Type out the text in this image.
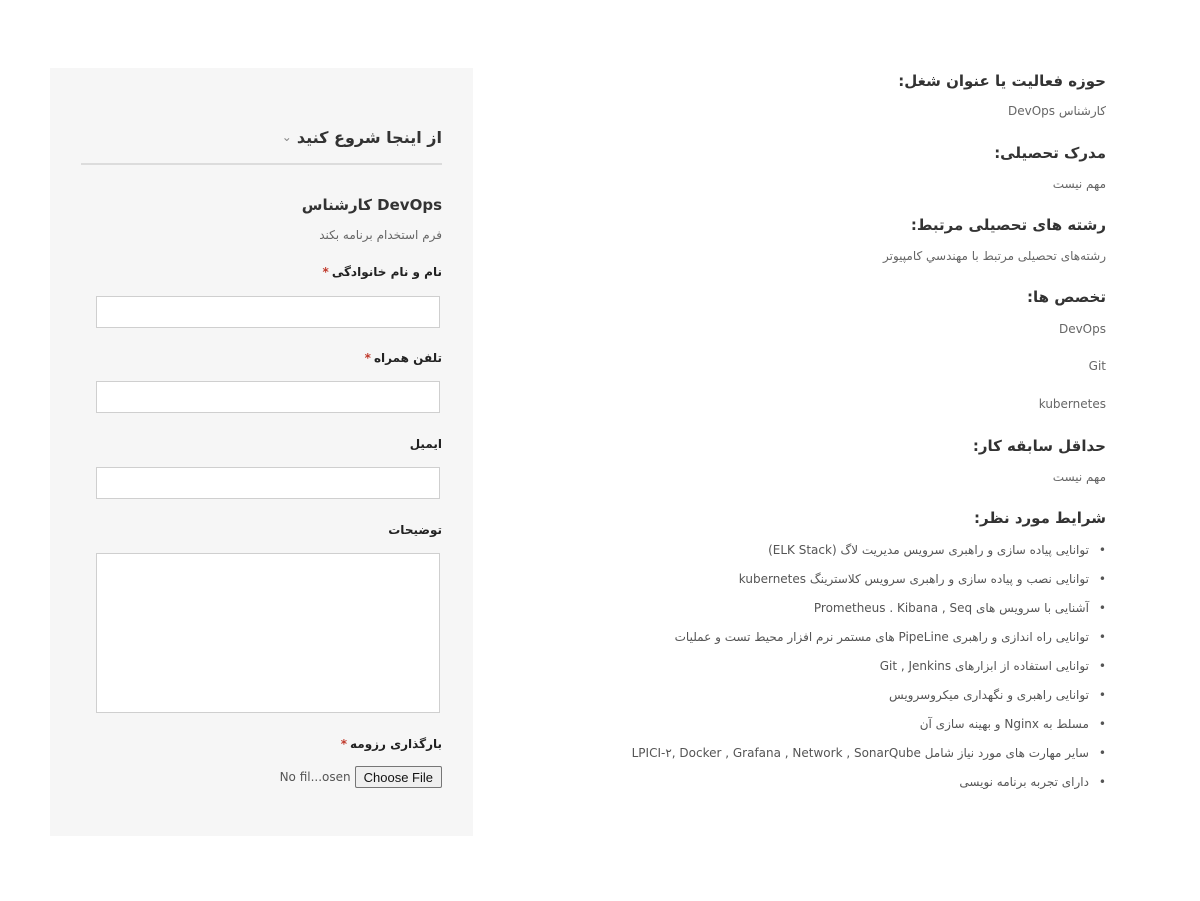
از اینجا شروع کنید ⌄
کارشناس DevOps
فرم استخدام برنامه بکند
نام و نام خانوادگی*
تلفن همراه*
ایمیل
توضیحات
بارگذاری رزومه*
No fil...osen	Choose File
حوزه فعالیت یا عنوان شغل:
کارشناس DevOps
مدرک تحصیلی:
مهم نیست
رشته های تحصیلی مرتبط:
رشته‌های تحصیلی مرتبط با مهندسي کامپیوتر
تخصص ها:
DevOps
Git
kubernetes
حداقل سابقه کار:
مهم نیست
شرایط مورد نظر:
•توانایی پیاده سازی و راهبری سرویس مدیریت لاگ (ELK Stack)
•توانایی نصب و پیاده سازی و راهبری سرویس کلاسترینگ kubernetes
•آشنایی با سرویس های Prometheus . Kibana , Seq
•توانایی راه اندازی و راهبری PipeLine های مستمر نرم افزار محیط تست و عملیات
•توانایی استفاده از ابزارهای Git , Jenkins
•توانایی راهبری و نگهداری میکروسرویس
•مسلط به Nginx و بهینه سازی آن
•سایر مهارت های مورد نیاز شامل LPICI-۲, Docker , Grafana , Network , SonarQube
•دارای تجربه برنامه نویسی
